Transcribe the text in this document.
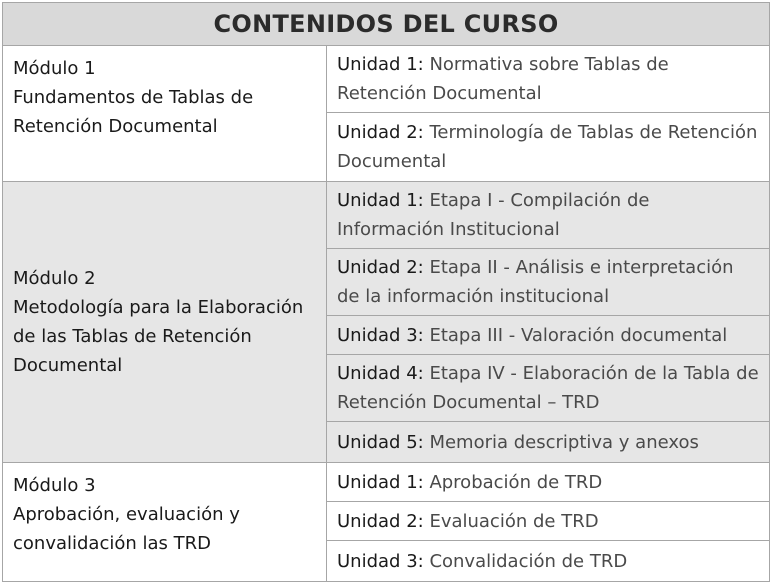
CONTENIDOS DEL CURSO
Módulo 1
Fundamentos de Tablas de
Retención Documental
Unidad 1: Normativa sobre Tablas de Retención Documental
Unidad 2: Terminología de Tablas de Retención Documental
Módulo 2
Metodología para la Elaboración
de las Tablas de Retención
Documental
Unidad 1: Etapa I - Compilación de Información Institucional
Unidad 2: Etapa II - Análisis e interpretación de la información institucional
Unidad 3: Etapa III - Valoración documental
Unidad 4: Etapa IV - Elaboración de la Tabla de Retención Documental – TRD
Unidad 5: Memoria descriptiva y anexos
Módulo 3
Aprobación, evaluación y
convalidación las TRD
Unidad 1: Aprobación de TRD
Unidad 2: Evaluación de TRD
Unidad 3: Convalidación de TRD
